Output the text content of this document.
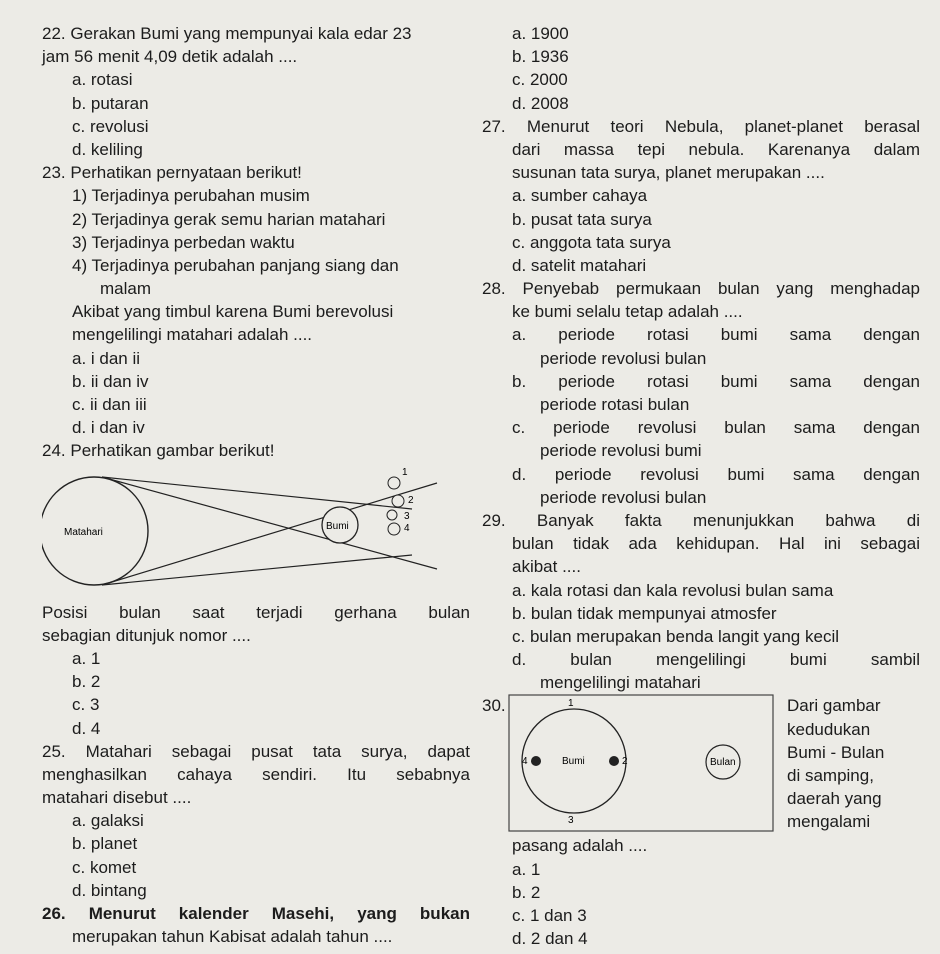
22. Gerakan Bumi yang mempunyai kala edar 23
jam 56 menit 4,09 detik adalah ....
a. rotasi
b. putaran
c. revolusi
d. keliling
23. Perhatikan pernyataan berikut!
1) Terjadinya perubahan musim
2) Terjadinya gerak semu harian matahari
3) Terjadinya perbedan waktu
4) Terjadinya perubahan panjang siang dan
malam
Akibat yang timbul karena Bumi berevolusi
mengelilingi matahari adalah ....
a. i dan ii
b. ii dan iv
c. ii dan iii
d. i dan iv
24. Perhatikan gambar berikut!
Matahari
Bumi
1
2
3
4
Posisi bulan saat terjadi gerhana bulan
sebagian ditunjuk nomor ....
a. 1
b. 2
c. 3
d. 4
25. Matahari sebagai pusat tata surya, dapat
menghasilkan cahaya sendiri. Itu sebabnya
matahari disebut ....
a. galaksi
b. planet
c. komet
d. bintang
26. Menurut kalender Masehi, yang bukan
merupakan tahun Kabisat adalah tahun ....
a. 1900
b. 1936
c. 2000
d. 2008
27. Menurut teori Nebula, planet-planet berasal
dari massa tepi nebula. Karenanya dalam
susunan tata surya, planet merupakan ....
a. sumber cahaya
b. pusat tata surya
c. anggota tata surya
d. satelit matahari
28. Penyebab permukaan bulan yang menghadap
ke bumi selalu tetap adalah ....
a. periode rotasi bumi sama dengan
periode revolusi bulan
b. periode rotasi bumi sama dengan
periode rotasi bulan
c. periode revolusi bulan sama dengan
periode revolusi bumi
d. periode revolusi bumi sama dengan
periode revolusi bulan
29. Banyak fakta menunjukkan bahwa di
bulan tidak ada kehidupan. Hal ini sebagai
akibat ....
a. kala rotasi dan kala revolusi bulan sama
b. bulan tidak mempunyai atmosfer
c. bulan merupakan benda langit yang kecil
d. bulan mengelilingi bumi sambil
mengelilingi matahari
30.	1
2
3
4	Bumi	Bulan
Dari gambar
kedudukan
Bumi - Bulan
di samping,
daerah yang
mengalami
pasang adalah ....
a. 1
b. 2
c. 1 dan 3
d. 2 dan 4
